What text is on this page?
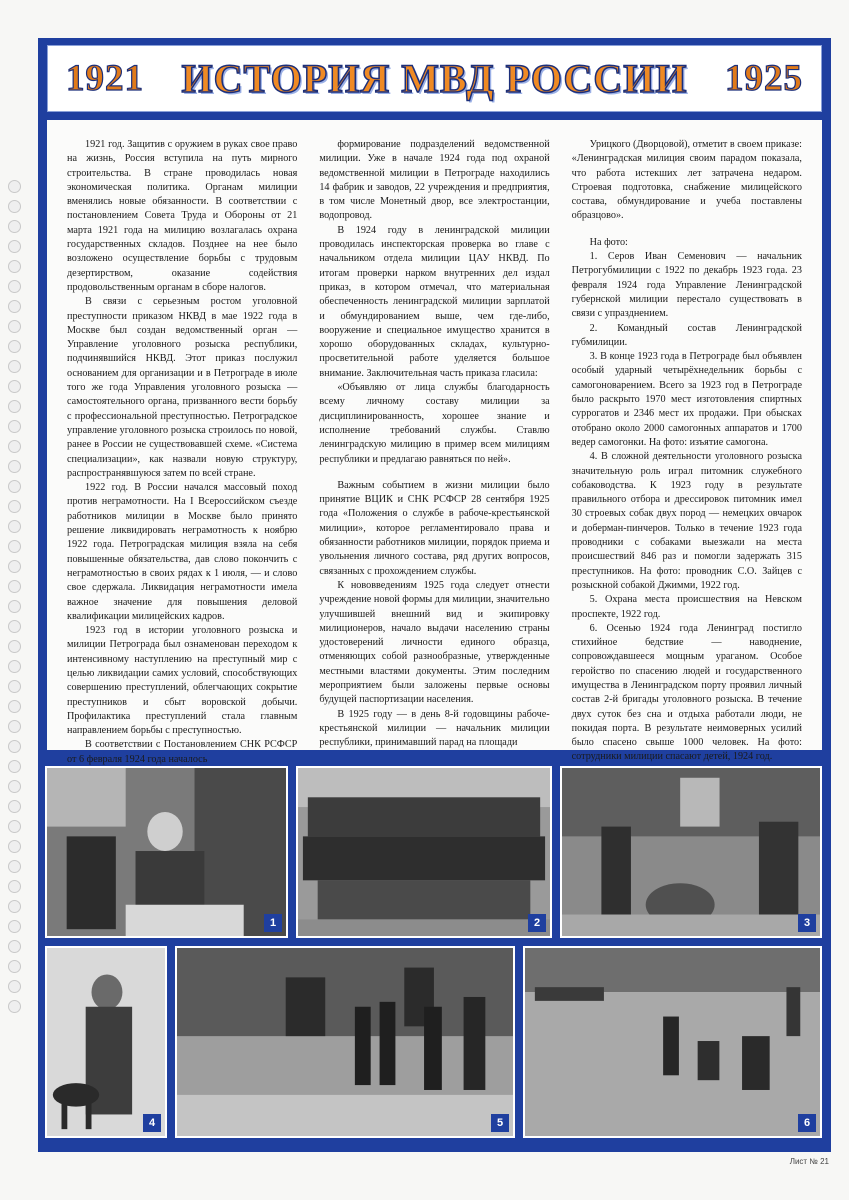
1921 ИСТОРИЯ МВД РОССИИ 1925

1921 год. Защитив с оружием в руках свое право на жизнь, Россия вступила на путь мирного строительства. В стране проводилась новая экономическая политика. Органам милиции вменялись новые обязанности. В соответствии с постановлением Совета Труда и Обороны от 21 марта 1921 года на милицию возлагалась охрана государственных складов. Позднее на нее было возложено осуществление борьбы с трудовым дезертирством, оказание содействия продовольственным органам в сборе налогов.

В связи с серьезным ростом уголовной преступности приказом НКВД в мае 1922 года в Москве был создан ведомственный орган — Управление уголовного розыска республики, подчинявшийся НКВД. Этот приказ послужил основанием для организации и в Петрограде в июле того же года Управления уголовного розыска — самостоятельного органа, призванного вести борьбу с профессиональной преступностью. Петроградское управление уголовного розыска строилось по новой, ранее в России не существовавшей схеме. «Система специализации», как назвали новую структуру, распространявшуюся затем по всей стране.

1922 год. В России начался массовый поход против неграмотности. На I Всероссийском съезде работников милиции в Москве было принято решение ликвидировать неграмотность к ноябрю 1922 года. Петроградская милиция взяла на себя повышенные обязательства, дав слово покончить с неграмотностью в своих рядах к 1 июля, — и слово свое сдержала. Ликвидация неграмотности имела важное значение для повышения деловой квалификации милицейских кадров.

1923 год в истории уголовного розыска и милиции Петрограда был ознаменован переходом к интенсивному наступлению на преступный мир с целью ликвидации самих условий, способствующих совершению преступлений, облегчающих сокрытие преступников и сбыт воровской добычи. Профилактика преступлений стала главным направлением борьбы с преступностью.

В соответствии с Постановлением СНК РСФСР от 6 февраля 1924 года началось

формирование подразделений ведомственной милиции. Уже в начале 1924 года под охраной ведомственной милиции в Петрограде находились 14 фабрик и заводов, 22 учреждения и предприятия, в том числе Монетный двор, все электростанции, водопровод.

В 1924 году в ленинградской милиции проводилась инспекторская проверка во главе с начальником отдела милиции ЦАУ НКВД. По итогам проверки нарком внутренних дел издал приказ, в котором отмечал, что материальная обеспеченность ленинградской милиции зарплатой и обмундированием выше, чем где-либо, вооружение и специальное имущество хранится в хорошо оборудованных складах, культурно-просветительной работе уделяется большое внимание. Заключительная часть приказа гласила:

«Объявляю от лица службы благодарность всему личному составу милиции за дисциплинированность, хорошее знание и исполнение требований службы. Ставлю ленинградскую милицию в пример всем милициям республики и предлагаю равняться по ней».

Важным событием в жизни милиции было принятие ВЦИК и СНК РСФСР 28 сентября 1925 года «Положения о службе в рабоче-крестьянской милиции», которое регламентировало права и обязанности работников милиции, порядок приема и увольнения личного состава, ряд других вопросов, связанных с прохождением службы.

К нововведениям 1925 года следует отнести учреждение новой формы для милиции, значительно улучшившей внешний вид и экипировку милиционеров, начало выдачи населению страны удостоверений личности единого образца, отменяющих собой разнообразные, утвержденные местными властями документы. Этим последним мероприятием были заложены первые основы будущей паспортизации населения.

В 1925 году — в день 8-й годовщины рабоче-крестьянской милиции — начальник милиции республики, принимавший парад на площади

Урицкого (Дворцовой), отметит в своем приказе: «Ленинградская милиция своим парадом показала, что работа истекших лет затрачена недаром. Строевая подготовка, снабжение милицейского состава, обмундирование и учеба поставлены образцово».

На фото:

1. Серов Иван Семенович — начальник Петрогубмилиции с 1922 по декабрь 1923 года. 23 февраля 1924 года Управление Ленинградской губернской милиции перестало существовать в связи с упразднением.

2. Командный состав Ленинградской губмилиции.

3. В конце 1923 года в Петрограде был объявлен особый ударный четырёхнедельник борьбы с самогоноварением. Всего за 1923 год в Петрограде было раскрыто 1970 мест изготовления спиртных суррогатов и 2346 мест их продажи. При обысках отобрано около 2000 самогонных аппаратов и 1700 ведер самогонки. На фото: изъятие самогона.

4. В сложной деятельности уголовного розыска значительную роль играл питомник служебного собаководства. К 1923 году в результате правильного отбора и дрессировок питомник имел 30 строевых собак двух пород — немецких овчарок и доберман-пинчеров. Только в течение 1923 года проводники с собаками выезжали на места происшествий 846 раз и помогли задержать 315 преступников. На фото: проводник С.О. Зайцев с розыскной собакой Джимми, 1922 год.

5. Охрана места происшествия на Невском проспекте, 1922 год.

6. Осенью 1924 года Ленинград постигло стихийное бедствие — наводнение, сопровождавшееся мощным ураганом. Особое геройство по спасению людей и государственного имущества в Ленинградском порту проявил личный состав 2-й бригады уголовного розыска. В течение двух суток без сна и отдыха работали люди, не покидая порта. В результате неимоверных усилий было спасено свыше 1000 человек. На фото: сотрудники милиции спасают детей, 1924 год.

1	2	3
4	5	6
Лист № 21
